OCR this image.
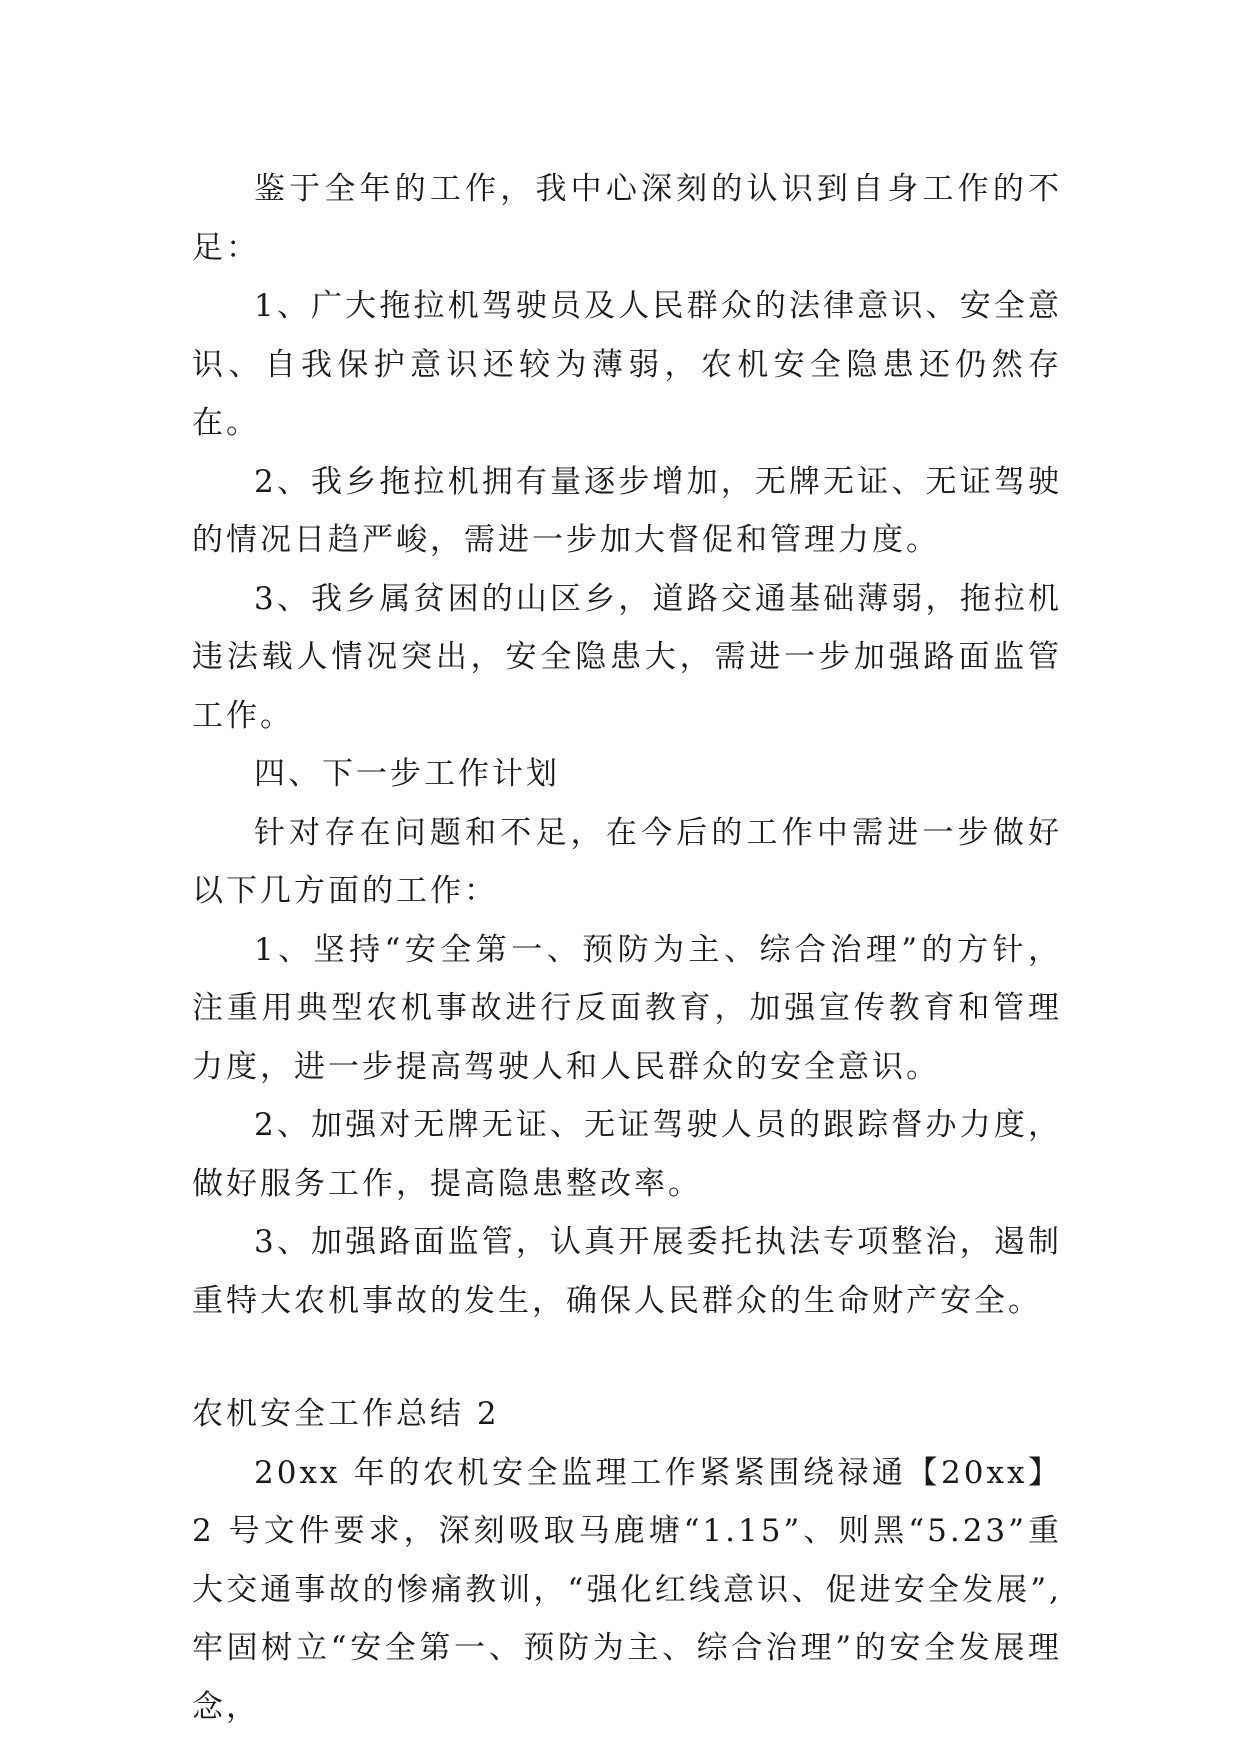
鉴于全年的工作，我中心深刻的认识到自身工作的不足：

1、广大拖拉机驾驶员及人民群众的法律意识、安全意识、自我保护意识还较为薄弱，农机安全隐患还仍然存在。

2、我乡拖拉机拥有量逐步增加，无牌无证、无证驾驶的情况日趋严峻，需进一步加大督促和管理力度。

3、我乡属贫困的山区乡，道路交通基础薄弱，拖拉机违法载人情况突出，安全隐患大，需进一步加强路面监管工作。

四、下一步工作计划

针对存在问题和不足，在今后的工作中需进一步做好以下几方面的工作：

1、坚持“安全第一、预防为主、综合治理”的方针，注重用典型农机事故进行反面教育，加强宣传教育和管理力度，进一步提高驾驶人和人民群众的安全意识。

2、加强对无牌无证、无证驾驶人员的跟踪督办力度，做好服务工作，提高隐患整改率。

3、加强路面监管，认真开展委托执法专项整治，遏制重特大农机事故的发生，确保人民群众的生命财产安全。

农机安全工作总结 2

20xx 年的农机安全监理工作紧紧围绕禄通【20xx】2 号文件要求，深刻吸取马鹿塘“1.15”、则黑“5.23”重大交通事故的惨痛教训，“强化红线意识、促进安全发展”,牢固树立“安全第一、预防为主、综合治理”的安全发展理念，
